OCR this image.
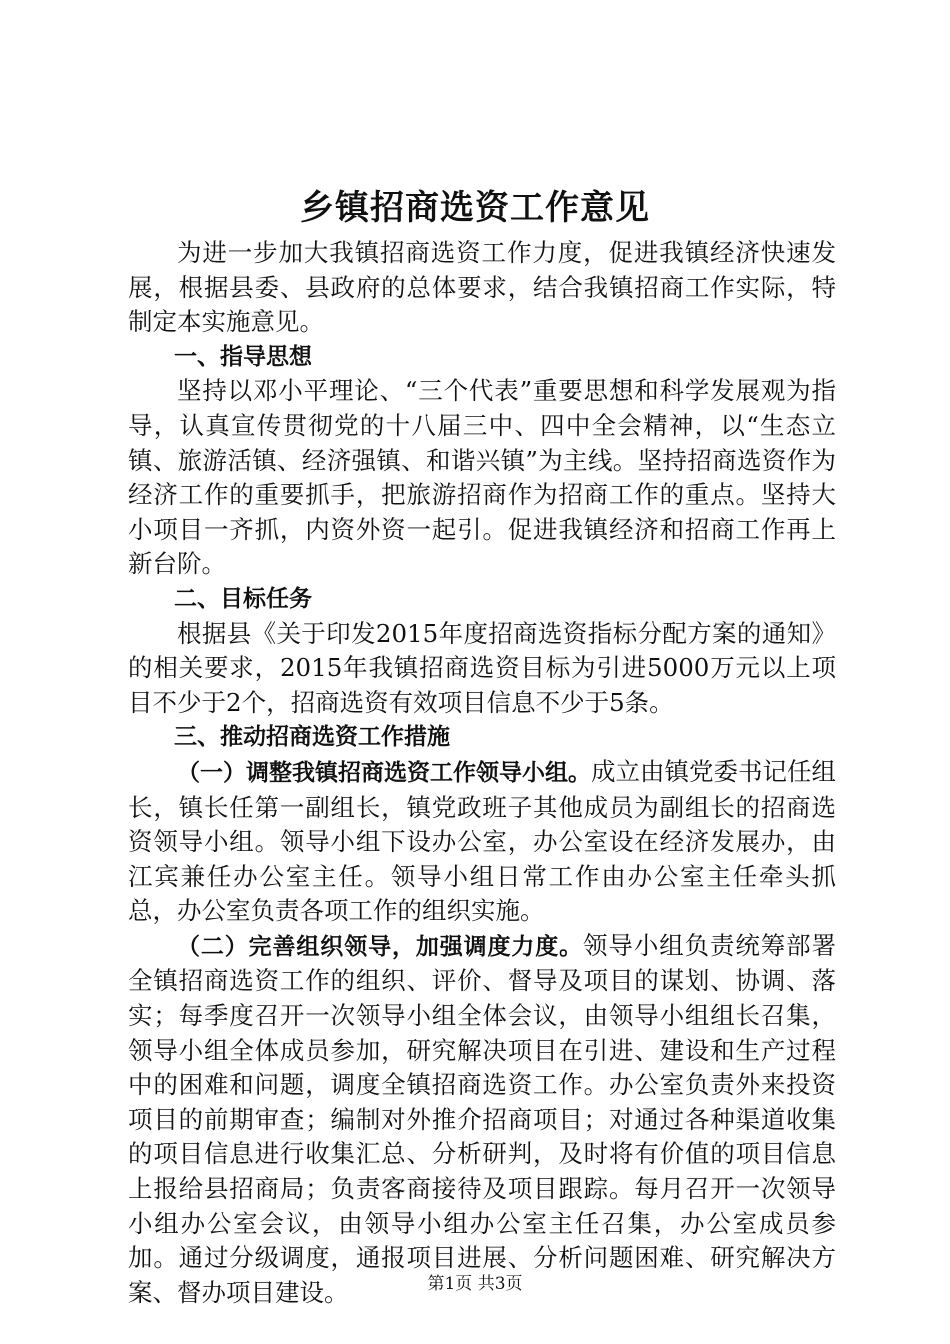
乡镇招商选资工作意见

为进一步加大我镇招商选资工作力度，促进我镇经济快速发展，根据县委、县政府的总体要求，结合我镇招商工作实际，特制定本实施意见。

一、指导思想

坚持以邓小平理论、“三个代表”重要思想和科学发展观为指导，认真宣传贯彻党的十八届三中、四中全会精神，以“生态立镇、旅游活镇、经济强镇、和谐兴镇”为主线。坚持招商选资作为经济工作的重要抓手，把旅游招商作为招商工作的重点。坚持大小项目一齐抓，内资外资一起引。促进我镇经济和招商工作再上新台阶。

二、目标任务

根据县《关于印发2015年度招商选资指标分配方案的通知》的相关要求，2015年我镇招商选资目标为引进5000万元以上项目不少于2个，招商选资有效项目信息不少于5条。

三、推动招商选资工作措施

（一）调整我镇招商选资工作领导小组。成立由镇党委书记任组长，镇长任第一副组长，镇党政班子其他成员为副组长的招商选资领导小组。领导小组下设办公室，办公室设在经济发展办，由江宾兼任办公室主任。领导小组日常工作由办公室主任牵头抓总，办公室负责各项工作的组织实施。

（二）完善组织领导，加强调度力度。领导小组负责统筹部署全镇招商选资工作的组织、评价、督导及项目的谋划、协调、落实；每季度召开一次领导小组全体会议，由领导小组组长召集，领导小组全体成员参加，研究解决项目在引进、建设和生产过程中的困难和问题，调度全镇招商选资工作。办公室负责外来投资项目的前期审查；编制对外推介招商项目；对通过各种渠道收集的项目信息进行收集汇总、分析研判，及时将有价值的项目信息上报给县招商局；负责客商接待及项目跟踪。每月召开一次领导小组办公室会议，由领导小组办公室主任召集，办公室成员参加。通过分级调度，通报项目进展、分析问题困难、研究解决方案、督办项目建设。	第1页 共3页
